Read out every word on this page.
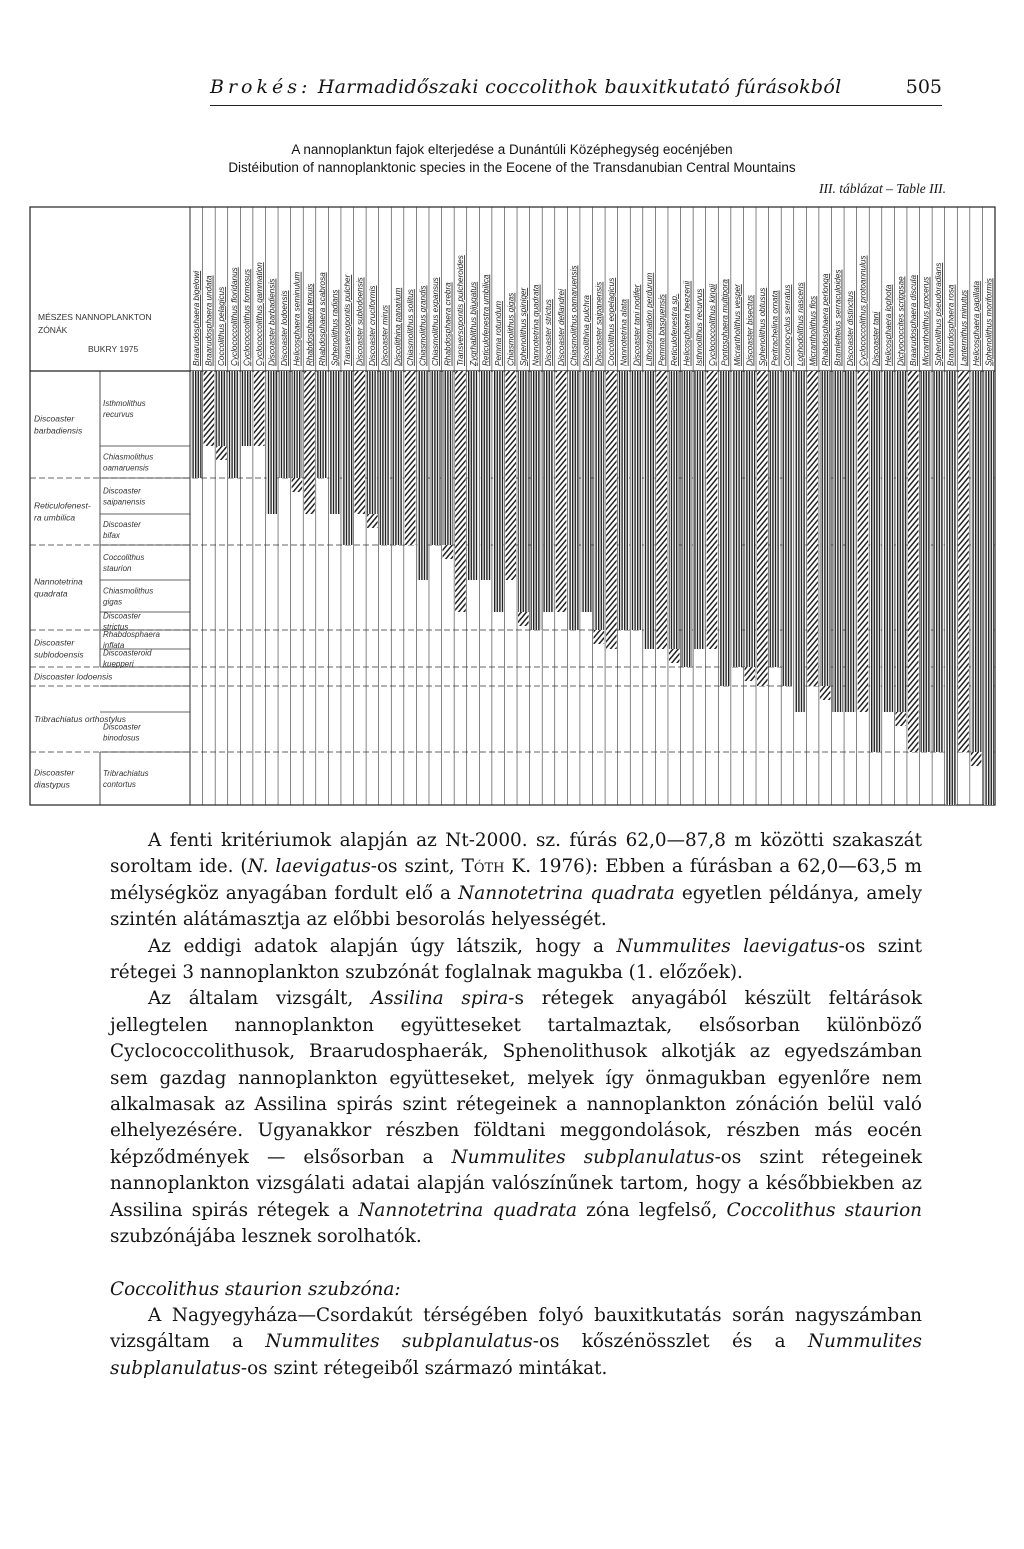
Brokés: Harmadidőszaki coccolithok bauxitkutató fúrásokból	505
A nannoplanktun fajok elterjedése a Dunántúli Középhegység eocénjében
Distéibution of nannoplanktonic species in the Eocene of the Transdanubian Central Mountains
III. táblázat – Table III.
Braarudosphaera bigelowi Braarudosphaera undata Coccolithus pelagicus Cyclococcolithus floridanus Cyclococcolithus formosus Cyclococcolithus gammation Discoaster barbadiensis Discoaster lodoensis Helicosphaera seminulum Rhabdosphaera tenuis Rhabdosphaera scabrosa Sphenolithus radians Transversopontis pulcher Discoaster sublodoensis Discoaster cruciformis Discoaster mirus Discolithina panarium Chiasmolithus solitus Chiasmolithus grandis Chiasmolithus expansus Rhabdosphaera crebra Transversopontis pulcheroides Zygrhablithus bijugatus Reticulofenestra umbilica Pemma rotundum Chiasmolithus gigas Sphenolithus spiniger Nannotetrina quadrata Discoaster strictus Discoaster deflandrei Chiasmolithus oamaruensis Discolithina pulchra Discoaster saipanensis Coccolithus eopelagicus Nannotetrina alata Discoaster tani nodifer Lithostromation perdurum Pemma basquensis Reticulofenestra sp. Helicosphaera heezenii Isthmolithus recurvus Cyclococcolithus kingii Pontosphaera multipora Micrantholithus vesper Discoaster bisectus Sphenolithus obtusus Peritrachelina ornata Coronocyclus serratus Lophodolithus nascens Micrantholithus flos Rhabdosphaera perlonga Bramletteius serraculoides Discoaster distinctus Cyclococcolithus protoannulus Discoaster tani Helicosphaera lophota Dictyococcites scrippsae Braarudosphaera discula Micrantholithus procerus Sphenolithus pseudoradians Braarudosphaera rosa Lanternithus minutus Helicosphaera papillata Sphenolithus moriformis
MÉSZES NANNOPLANKTON
ZÓNÁK
BUKRY 1975
Discoaster
barbadiensis
Reticulofenest-
ra umbilica
Nannotetrina
quadrata
Discoaster
sublodoensis
Discoaster lodoensis
Tribrachiatus orthostylus
Discoaster
diastypus
Isthmolithus
recurvus
Chiasmolithus
oamaruensis
Discoaster
saipanensis
Discoaster
bifax
Coccolithus
staurion
Chiasmolithus
gigas
Discoaster
strictus
Rhabdosphaera
inflata
Discoasteroid
kuepperi
Discoaster
binodosus
Tribrachiatus
contortus

A fenti kritériumok alapján az Nt-2000. sz. fúrás 62,0—87,8 m közötti szakaszát soroltam ide. (N. laevigatus-os szint, Tóth K. 1976): Ebben a fúrásban a 62,0—63,5 m mélységköz anyagában fordult elő a Nannotetrina quadrata egyetlen példánya, amely szintén alátámasztja az előbbi besorolás helyességét.

Az eddigi adatok alapján úgy látszik, hogy a Nummulites laevigatus-os szint rétegei 3 nannoplankton szubzónát foglalnak magukba (1. előzőek).

Az általam vizsgált, Assilina spira-s rétegek anyagából készült feltárások jellegtelen nannoplankton együtteseket tartalmaztak, elsősorban különböző Cyclococcolithusok, Braarudosphaerák, Sphenolithusok alkotják az egyedszámban sem gazdag nannoplankton együtteseket, melyek így önmagukban egyenlőre nem alkalmasak az Assilina spirás szint rétegeinek a nannoplankton zónáción belül való elhelyezésére. Ugyanakkor részben földtani meggondolások, részben más eocén képződmények — elsősorban a Nummulites subplanulatus-os szint rétegeinek nannoplankton vizsgálati adatai alapján valószínűnek tartom, hogy a későbbiekben az Assilina spirás rétegek a Nannotetrina quadrata zóna legfelső, Coccolithus staurion szubzónájába lesznek sorolhatók.

Coccolithus staurion szubzóna:

A Nagyegyháza—Csordakút térségében folyó bauxitkutatás során nagyszámban vizsgáltam a Nummulites subplanulatus-os kőszénösszlet és a Nummulites subplanulatus-os szint rétegeiből származó mintákat.
